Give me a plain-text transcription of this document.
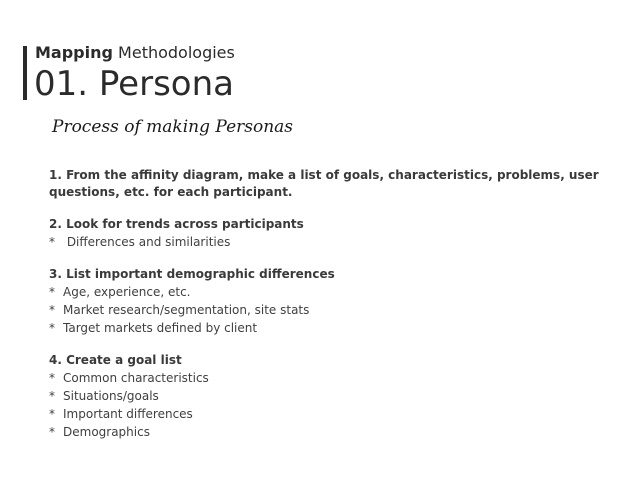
Mapping Methodologies
01. Persona
Process of making Personas
1. From the affinity diagram, make a list of goals, characteristics, problems, user questions, etc. for each participant.
2. Look for trends across participants
* Differences and similarities
3. List important demographic differences
* Age, experience, etc.
* Market research/segmentation, site stats
* Target markets defined by client
4. Create a goal list
* Common characteristics
* Situations/goals
* Important differences
* Demographics
